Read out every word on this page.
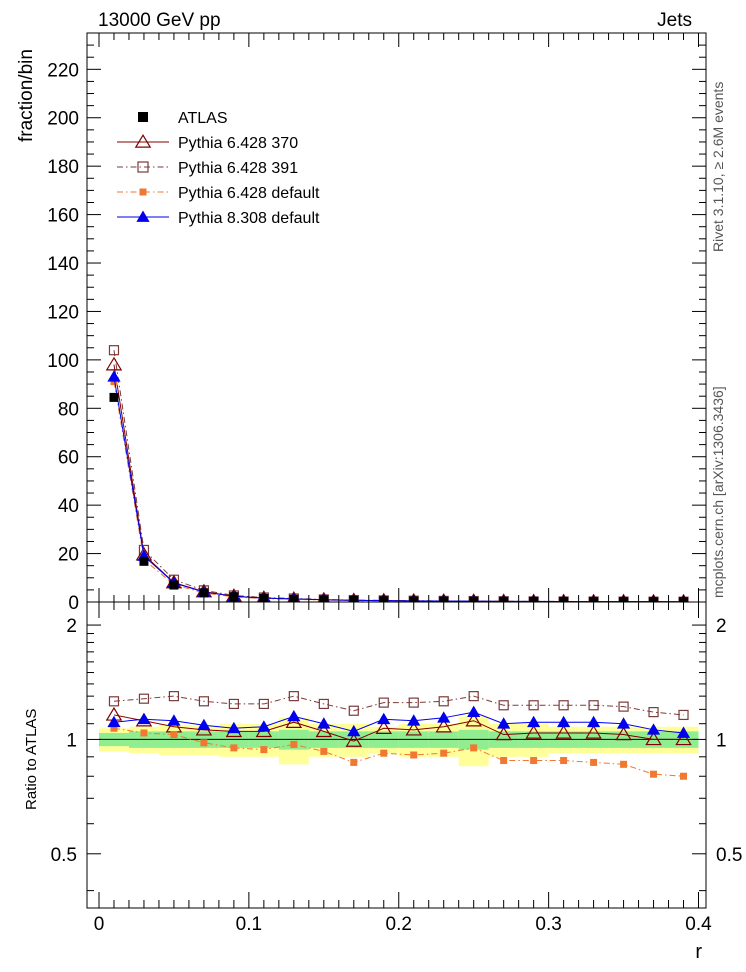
13000 GeV pp	Jets
Rivet 3.1.10, ≥ 2.6M events
mcplots.cern.ch [arXiv:1306.3436]
fraction/bin
Ratio to ATLAS
r
0
20
40
60
80
100
120
140
160
180
200
220
ATLAS
Pythia 6.428 370
Pythia 6.428 391
Pythia 6.428 default
Pythia 8.308 default
0.5	0.5
1	1
2	2
0	0.1	0.2	0.3	0.4
